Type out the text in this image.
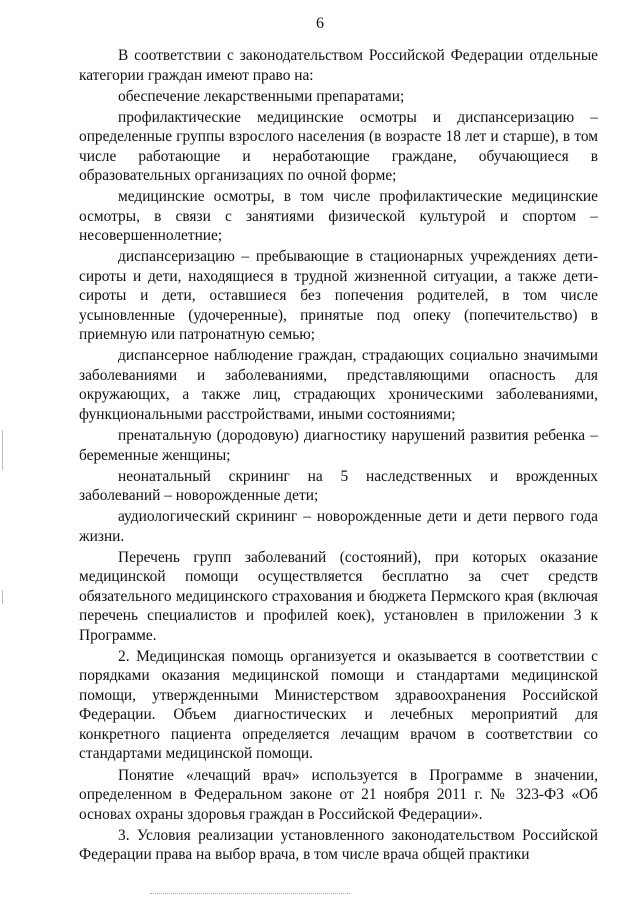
6

В соответствии с законодательством Российской Федерации отдельные категории граждан имеют право на:

обеспечение лекарственными препаратами;

профилактические медицинские осмотры и диспансеризацию – определенные группы взрослого населения (в возрасте 18 лет и старше), в том числе работающие и неработающие граждане, обучающиеся в образовательных организациях по очной форме;

медицинские осмотры, в том числе профилактические медицинские осмотры, в связи с занятиями физической культурой и спортом – несовершеннолетние;

диспансеризацию – пребывающие в стационарных учреждениях дети-сироты и дети, находящиеся в трудной жизненной ситуации, а также дети-сироты и дети, оставшиеся без попечения родителей, в том числе усыновленные (удочеренные), принятые под опеку (попечительство) в приемную или патронатную семью;

диспансерное наблюдение граждан, страдающих социально значимыми заболеваниями и заболеваниями, представляющими опасность для окружающих, а также лиц, страдающих хроническими заболеваниями, функциональными расстройствами, иными состояниями;

пренатальную (дородовую) диагностику нарушений развития ребенка – беременные женщины;

неонатальный скрининг на 5 наследственных и врожденных заболеваний – новорожденные дети;

аудиологический скрининг – новорожденные дети и дети первого года жизни.

Перечень групп заболеваний (состояний), при которых оказание медицинской помощи осуществляется бесплатно за счет средств обязательного медицинского страхования и бюджета Пермского края (включая перечень специалистов и профилей коек), установлен в приложении 3 к Программе.

2. Медицинская помощь организуется и оказывается в соответствии с порядками оказания медицинской помощи и стандартами медицинской помощи, утвержденными Министерством здравоохранения Российской Федерации. Объем диагностических и лечебных мероприятий для конкретного пациента определяется лечащим врачом в соответствии со стандартами медицинской помощи.

Понятие «лечащий врач» используется в Программе в значении, определенном в Федеральном законе от 21 ноября 2011 г. № 323-ФЗ «Об основах охраны здоровья граждан в Российской Федерации».

3. Условия реализации установленного законодательством Российской Федерации права на выбор врача, в том числе врача общей практики
